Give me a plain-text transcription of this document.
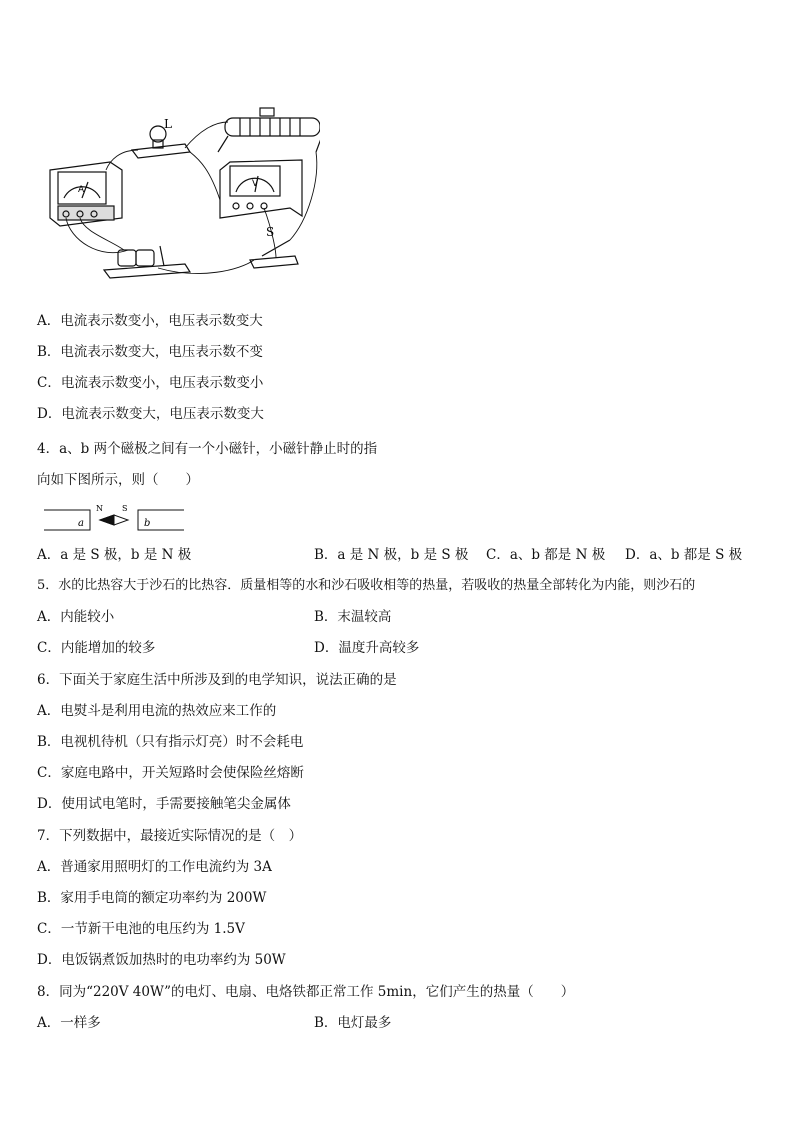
L
S
A
V
A．电流表示数变小，电压表示数变大
B．电流表示数变大，电压表示数不变
C．电流表示数变小，电压表示数变小
D．电流表示数变大，电压表示数变大
4．a、b 两个磁极之间有一个小磁针，小磁针静止时的指
向如下图所示，则（　　）
a	b
N S
A．a 是 S 极，b 是 N 极	B．a 是 N 极，b 是 S 极 C．a、b 都是 N 极 D．a、b 都是 S 极
5．水的比热容大于沙石的比热容．质量相等的水和沙石吸收相等的热量，若吸收的热量全部转化为内能，则沙石的
A．内能较小	B．末温较高
C．内能增加的较多	D．温度升高较多
6．下面关于家庭生活中所涉及到的电学知识，说法正确的是
A．电熨斗是利用电流的热效应来工作的
B．电视机待机（只有指示灯亮）时不会耗电
C．家庭电路中，开关短路时会使保险丝熔断
D．使用试电笔时，手需要接触笔尖金属体
7．下列数据中，最接近实际情况的是（　）
A．普通家用照明灯的工作电流约为 3A
B．家用手电筒的额定功率约为 200W
C．一节新干电池的电压约为 1.5V
D．电饭锅煮饭加热时的电功率约为 50W
8．同为“220V 40W”的电灯、电扇、电烙铁都正常工作 5min，它们产生的热量（　　）
A．一样多	B．电灯最多
